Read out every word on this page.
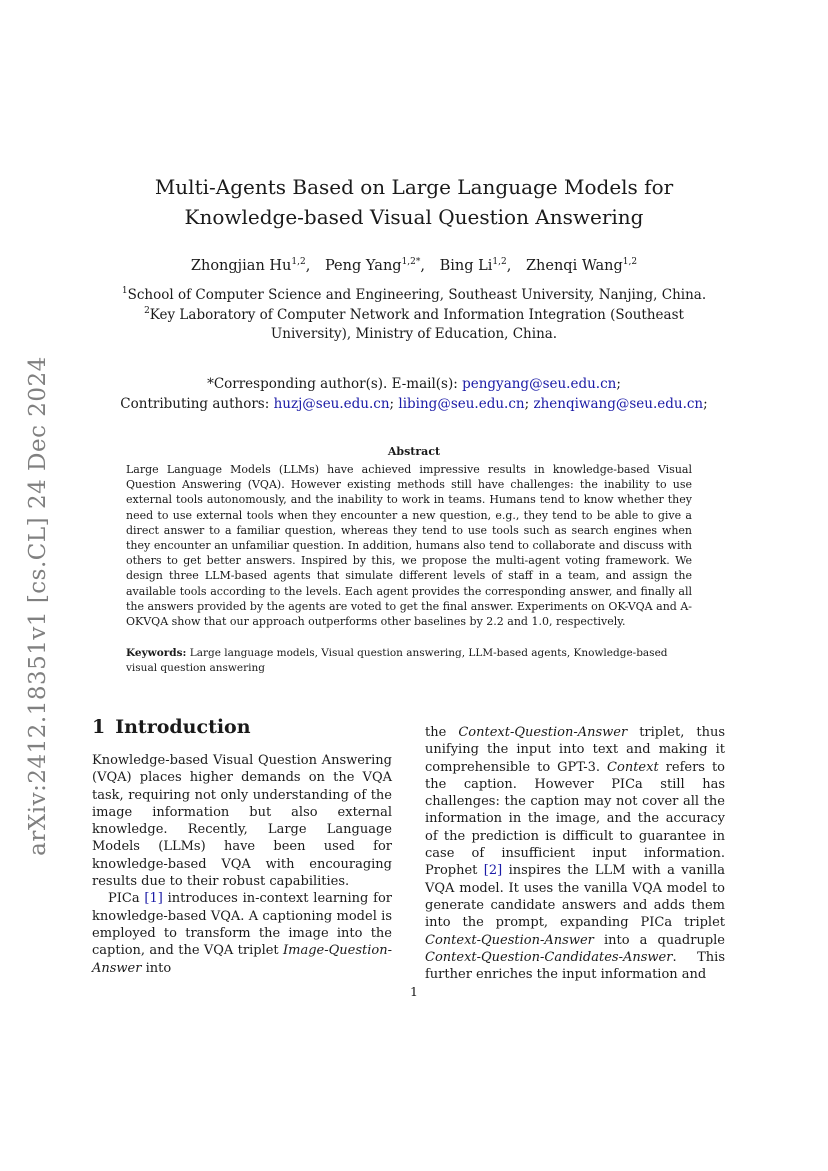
arXiv:2412.18351v1 [cs.CL] 24 Dec 2024
Multi-Agents Based on Large Language Models for
Knowledge-based Visual Question Answering
Zhongjian Hu$^{1,2}$, Peng Yang$^{1,2*}$, Bing Li$^{1,2}$, Zhenqi Wang$^{1,2}$
$^1$School of Computer Science and Engineering, Southeast University, Nanjing, China.
$^2$Key Laboratory of Computer Network and Information Integration (Southeast
University), Ministry of Education, China.
*Corresponding author(s). E-mail(s): pengyang@seu.edu.cn;
Contributing authors: huzj@seu.edu.cn; libing@seu.edu.cn; zhenqiwang@seu.edu.cn;
Abstract
Large Language Models (LLMs) have achieved impressive results in knowledge-based Visual Question Answering (VQA). However existing methods still have challenges: the inability to use external tools autonomously, and the inability to work in teams. Humans tend to know whether they need to use external tools when they encounter a new question, e.g., they tend to be able to give a direct answer to a familiar question, whereas they tend to use tools such as search engines when they encounter an unfamiliar question. In addition, humans also tend to collaborate and discuss with others to get better answers. Inspired by this, we propose the multi-agent voting framework. We design three LLM-based agents that simulate different levels of staff in a team, and assign the available tools according to the levels. Each agent provides the corresponding answer, and finally all the answers provided by the agents are voted to get the final answer. Experiments on OK-VQA and A-OKVQA show that our approach outperforms other baselines by 2.2 and 1.0, respectively.
Keywords: Large language models, Visual question answering, LLM-based agents, Knowledge-based visual question answering
1 Introduction

Knowledge-based Visual Question Answering (VQA) places higher demands on the VQA task, requiring not only understanding of the image information but also external knowledge. Recently, Large Language Models (LLMs) have been used for knowledge-based VQA with encouraging results due to their robust capabilities.

PICa [1] introduces in-context learning for knowledge-based VQA. A captioning model is employed to transform the image into the caption, and the VQA triplet Image-Question-Answer into

the Context-Question-Answer triplet, thus unifying the input into text and making it comprehensible to GPT-3. Context refers to the caption. However PICa still has challenges: the caption may not cover all the information in the image, and the accuracy of the prediction is difficult to guarantee in case of insufficient input information. Prophet [2] inspires the LLM with a vanilla VQA model. It uses the vanilla VQA model to generate candidate answers and adds them into the prompt, expanding PICa triplet Context-Question-Answer into a quadruple Context-Question-Candidates-Answer. This further enriches the input information and

1
